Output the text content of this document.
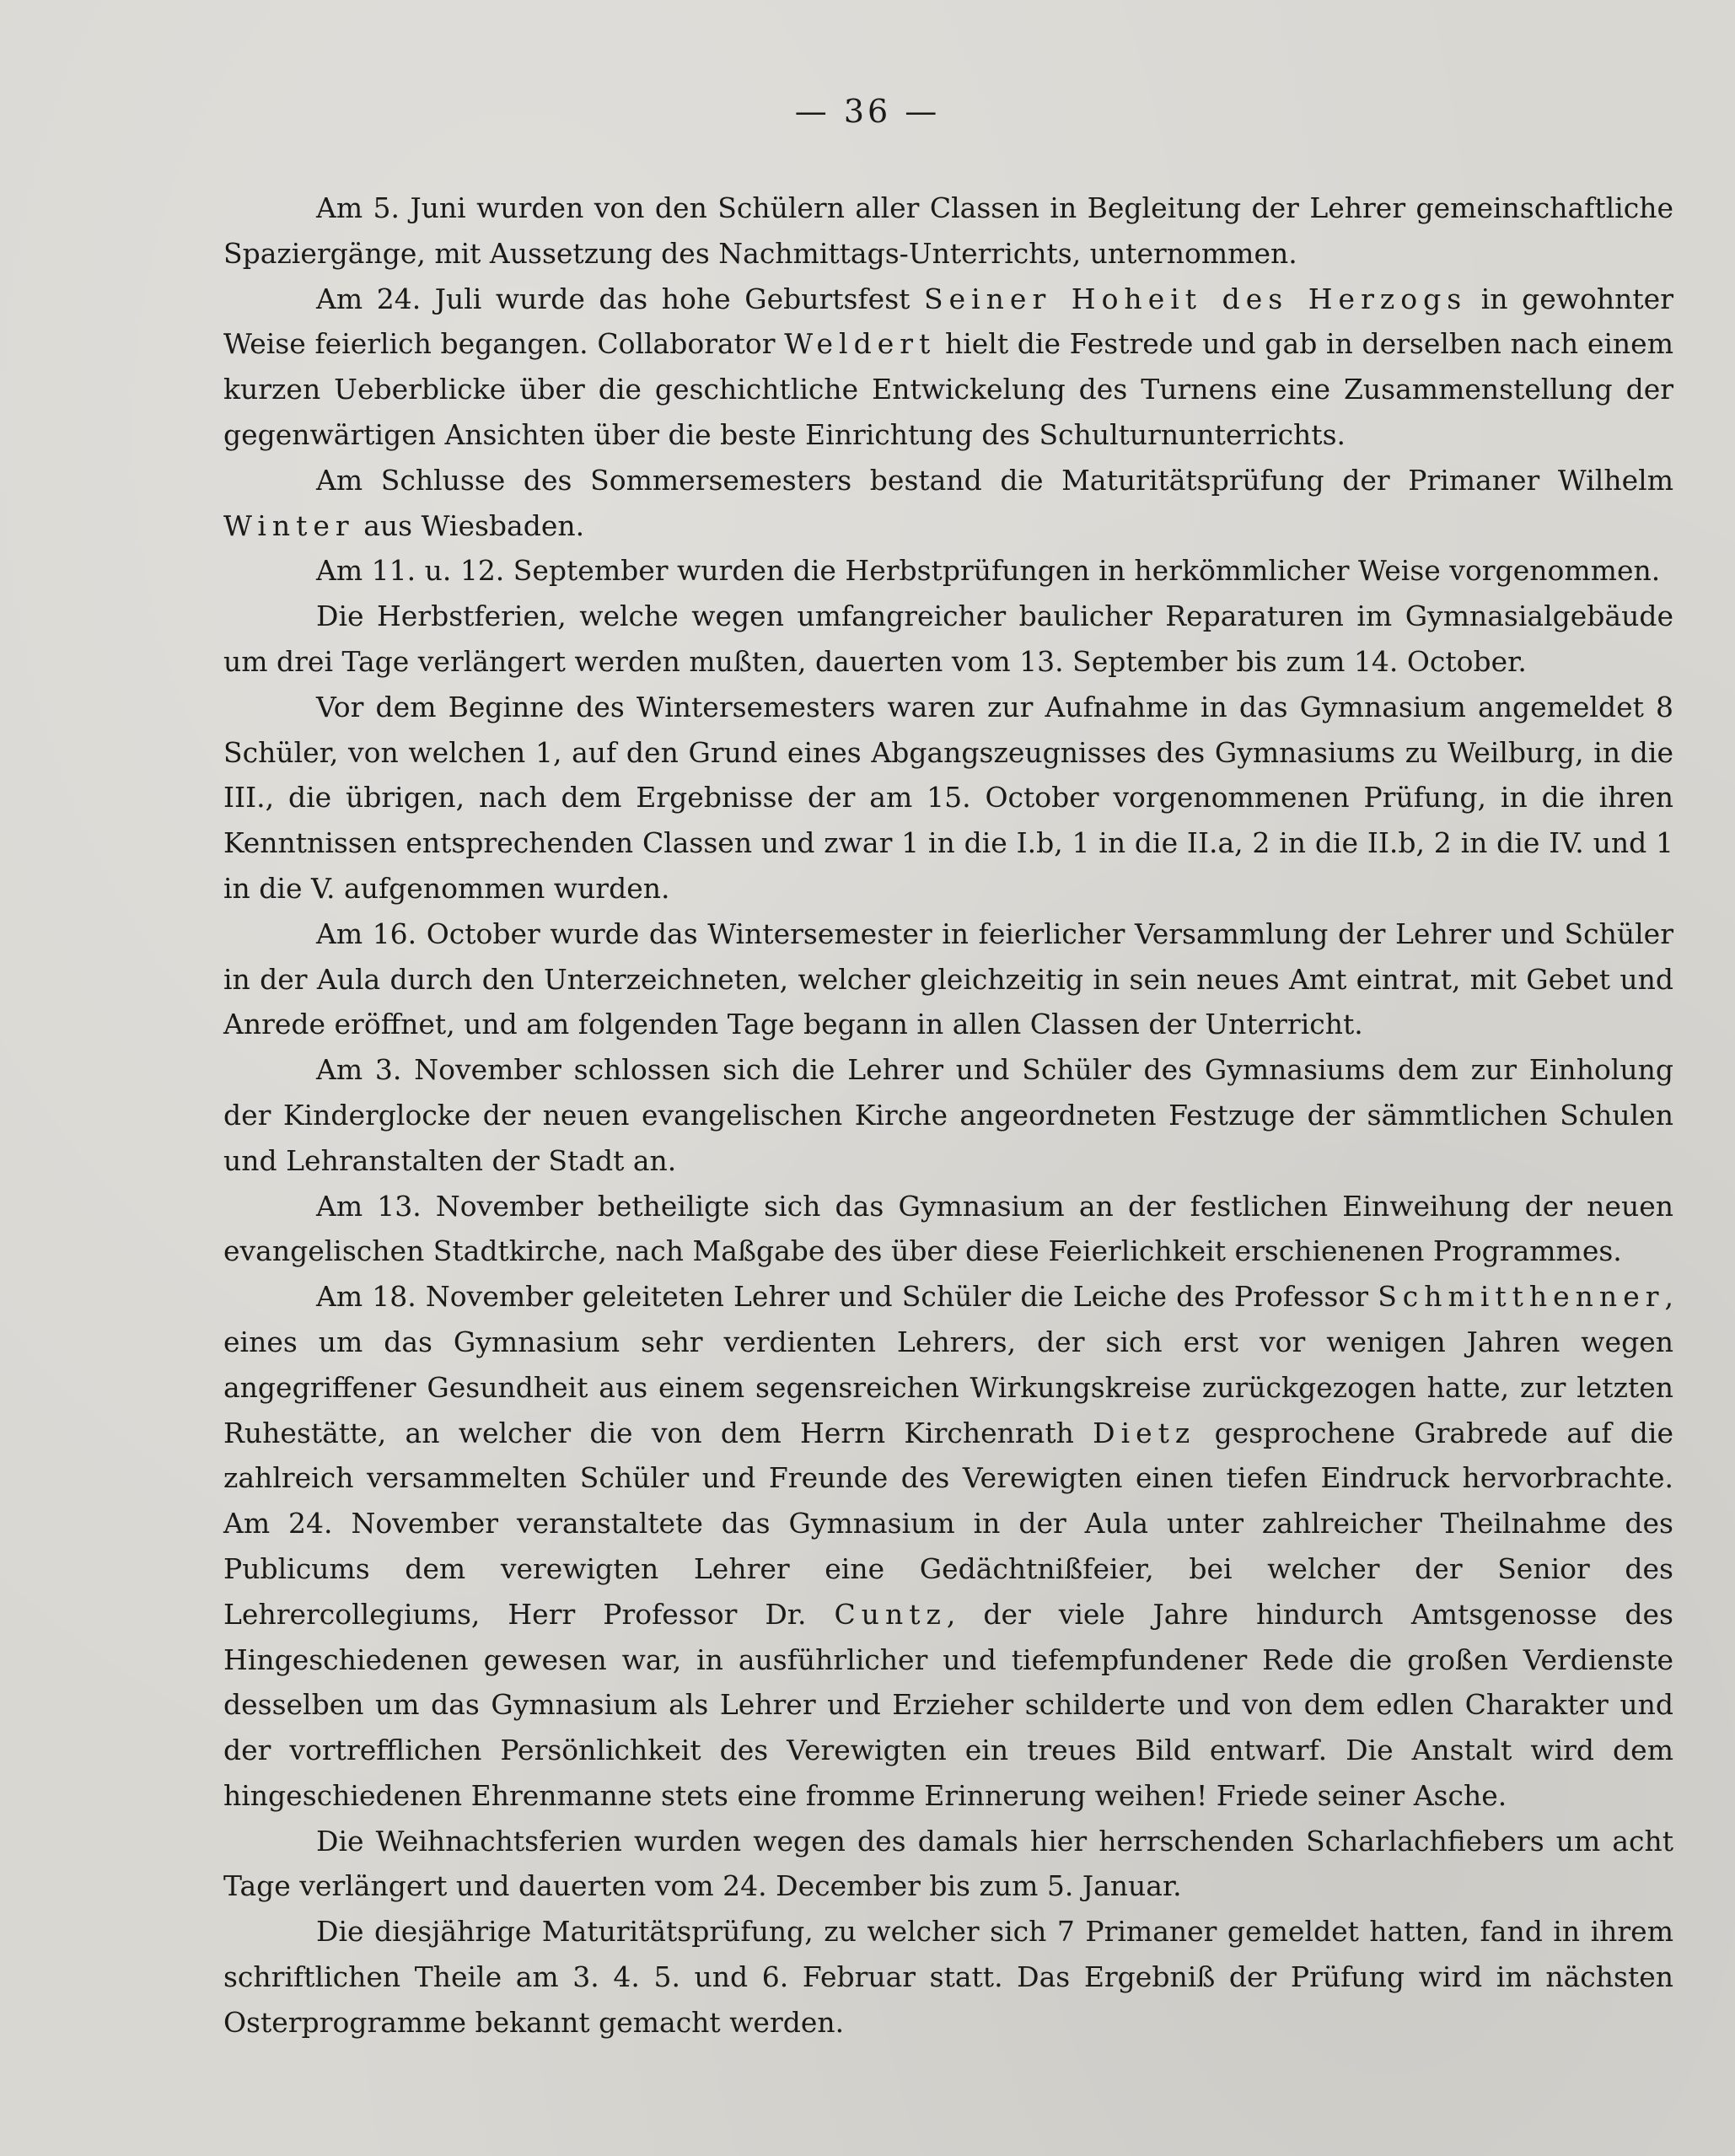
— 36 —

Am 5. Juni wurden von den Schülern aller Classen in Begleitung der Lehrer gemeinschaftliche Spaziergänge, mit Aussetzung des Nachmittags-Unterrichts, unternommen.

Am 24. Juli wurde das hohe Geburtsfest Seiner Hoheit des Herzogs in gewohnter Weise feierlich begangen. Collaborator Weldert hielt die Festrede und gab in derselben nach einem kurzen Ueberblicke über die geschichtliche Entwickelung des Turnens eine Zusammenstellung der gegenwärtigen Ansichten über die beste Einrichtung des Schulturnunterrichts.

Am Schlusse des Sommersemesters bestand die Maturitätsprüfung der Primaner Wilhelm Winter aus Wiesbaden.

Am 11. u. 12. September wurden die Herbstprüfungen in herkömmlicher Weise vorgenommen.

Die Herbstferien, welche wegen umfangreicher baulicher Reparaturen im Gymnasialgebäude um drei Tage verlängert werden mußten, dauerten vom 13. September bis zum 14. October.

Vor dem Beginne des Wintersemesters waren zur Aufnahme in das Gymnasium angemeldet 8 Schüler, von welchen 1, auf den Grund eines Abgangszeugnisses des Gymnasiums zu Weilburg, in die III., die übrigen, nach dem Ergebnisse der am 15. October vorgenommenen Prüfung, in die ihren Kenntnissen entsprechenden Classen und zwar 1 in die I.b, 1 in die II.a, 2 in die II.b, 2 in die IV. und 1 in die V. aufgenommen wurden.

Am 16. October wurde das Wintersemester in feierlicher Versammlung der Lehrer und Schüler in der Aula durch den Unterzeichneten, welcher gleichzeitig in sein neues Amt eintrat, mit Gebet und Anrede eröffnet, und am folgenden Tage begann in allen Classen der Unterricht.

Am 3. November schlossen sich die Lehrer und Schüler des Gymnasiums dem zur Einholung der Kinderglocke der neuen evangelischen Kirche angeordneten Festzuge der sämmtlichen Schulen und Lehranstalten der Stadt an.

Am 13. November betheiligte sich das Gymnasium an der festlichen Einweihung der neuen evangelischen Stadtkirche, nach Maßgabe des über diese Feierlichkeit erschienenen Programmes.

Am 18. November geleiteten Lehrer und Schüler die Leiche des Professor Schmitthenner, eines um das Gymnasium sehr verdienten Lehrers, der sich erst vor wenigen Jahren wegen angegriffener Gesundheit aus einem segensreichen Wirkungskreise zurückgezogen hatte, zur letzten Ruhestätte, an welcher die von dem Herrn Kirchenrath Dietz gesprochene Grabrede auf die zahlreich versammelten Schüler und Freunde des Verewigten einen tiefen Eindruck hervorbrachte. Am 24. November veranstaltete das Gymnasium in der Aula unter zahlreicher Theilnahme des Publicums dem verewigten Lehrer eine Gedächtnißfeier, bei welcher der Senior des Lehrercollegiums, Herr Professor Dr. Cuntz, der viele Jahre hindurch Amtsgenosse des Hingeschiedenen gewesen war, in ausführlicher und tiefempfundener Rede die großen Verdienste desselben um das Gymnasium als Lehrer und Erzieher schilderte und von dem edlen Charakter und der vortrefflichen Persönlichkeit des Verewigten ein treues Bild entwarf. Die Anstalt wird dem hingeschiedenen Ehrenmanne stets eine fromme Erinnerung weihen! Friede seiner Asche.

Die Weihnachtsferien wurden wegen des damals hier herrschenden Scharlachfiebers um acht Tage verlängert und dauerten vom 24. December bis zum 5. Januar.

Die diesjährige Maturitätsprüfung, zu welcher sich 7 Primaner gemeldet hatten, fand in ihrem schriftlichen Theile am 3. 4. 5. und 6. Februar statt. Das Ergebniß der Prüfung wird im nächsten Osterprogramme bekannt gemacht werden.
